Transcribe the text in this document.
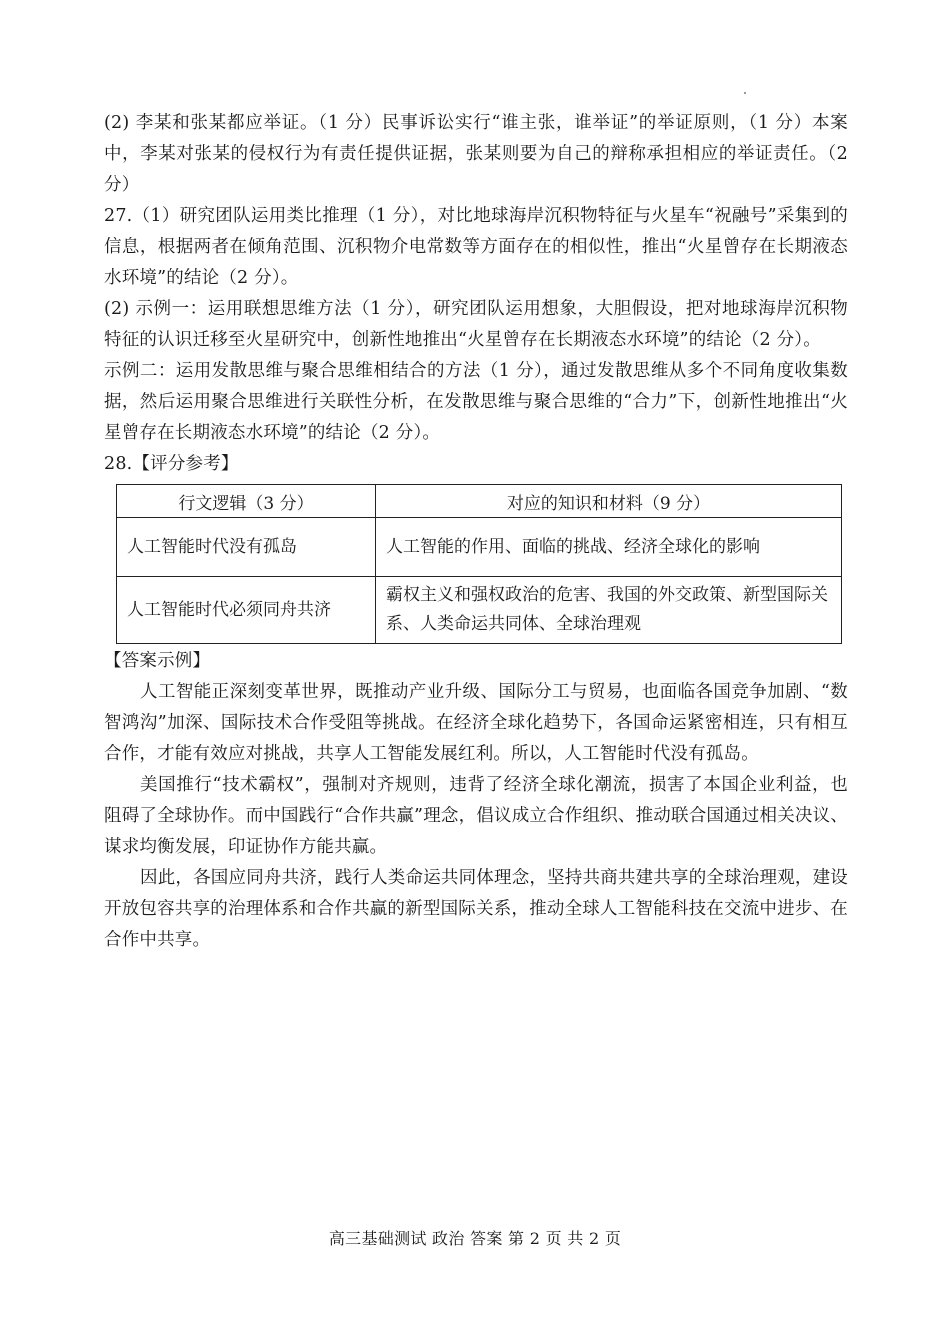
(2) 李某和张某都应举证。（1 分）民事诉讼实行“谁主张，谁举证”的举证原则，（1 分）本案中，李某对张某的侵权行为有责任提供证据，张某则要为自己的辩称承担相应的举证责任。（2 分）

27.（1）研究团队运用类比推理（1 分），对比地球海岸沉积物特征与火星车“祝融号”采集到的信息，根据两者在倾角范围、沉积物介电常数等方面存在的相似性，推出“火星曾存在长期液态水环境”的结论（2 分）。

(2) 示例一：运用联想思维方法（1 分），研究团队运用想象，大胆假设，把对地球海岸沉积物特征的认识迁移至火星研究中，创新性地推出“火星曾存在长期液态水环境”的结论（2 分）。

示例二：运用发散思维与聚合思维相结合的方法（1 分），通过发散思维从多个不同角度收集数据，然后运用聚合思维进行关联性分析，在发散思维与聚合思维的“合力”下，创新性地推出“火星曾存在长期液态水环境”的结论（2 分）。

28.【评分参考】

行文逻辑（3 分）	对应的知识和材料（9 分）
人工智能时代没有孤岛	人工智能的作用、面临的挑战、经济全球化的影响
人工智能时代必须同舟共济	霸权主义和强权政治的危害、我国的外交政策、新型国际关系、人类命运共同体、全球治理观

【答案示例】

人工智能正深刻变革世界，既推动产业升级、国际分工与贸易，也面临各国竞争加剧、“数智鸿沟”加深、国际技术合作受阻等挑战。在经济全球化趋势下，各国命运紧密相连，只有相互合作，才能有效应对挑战，共享人工智能发展红利。所以，人工智能时代没有孤岛。

美国推行“技术霸权”，强制对齐规则，违背了经济全球化潮流，损害了本国企业利益，也阻碍了全球协作。而中国践行“合作共赢”理念，倡议成立合作组织、推动联合国通过相关决议、谋求均衡发展，印证协作方能共赢。

因此，各国应同舟共济，践行人类命运共同体理念，坚持共商共建共享的全球治理观，建设开放包容共享的治理体系和合作共赢的新型国际关系，推动全球人工智能科技在交流中进步、在合作中共享。

高三基础测试 政治 答案 第 2 页 共 2 页
